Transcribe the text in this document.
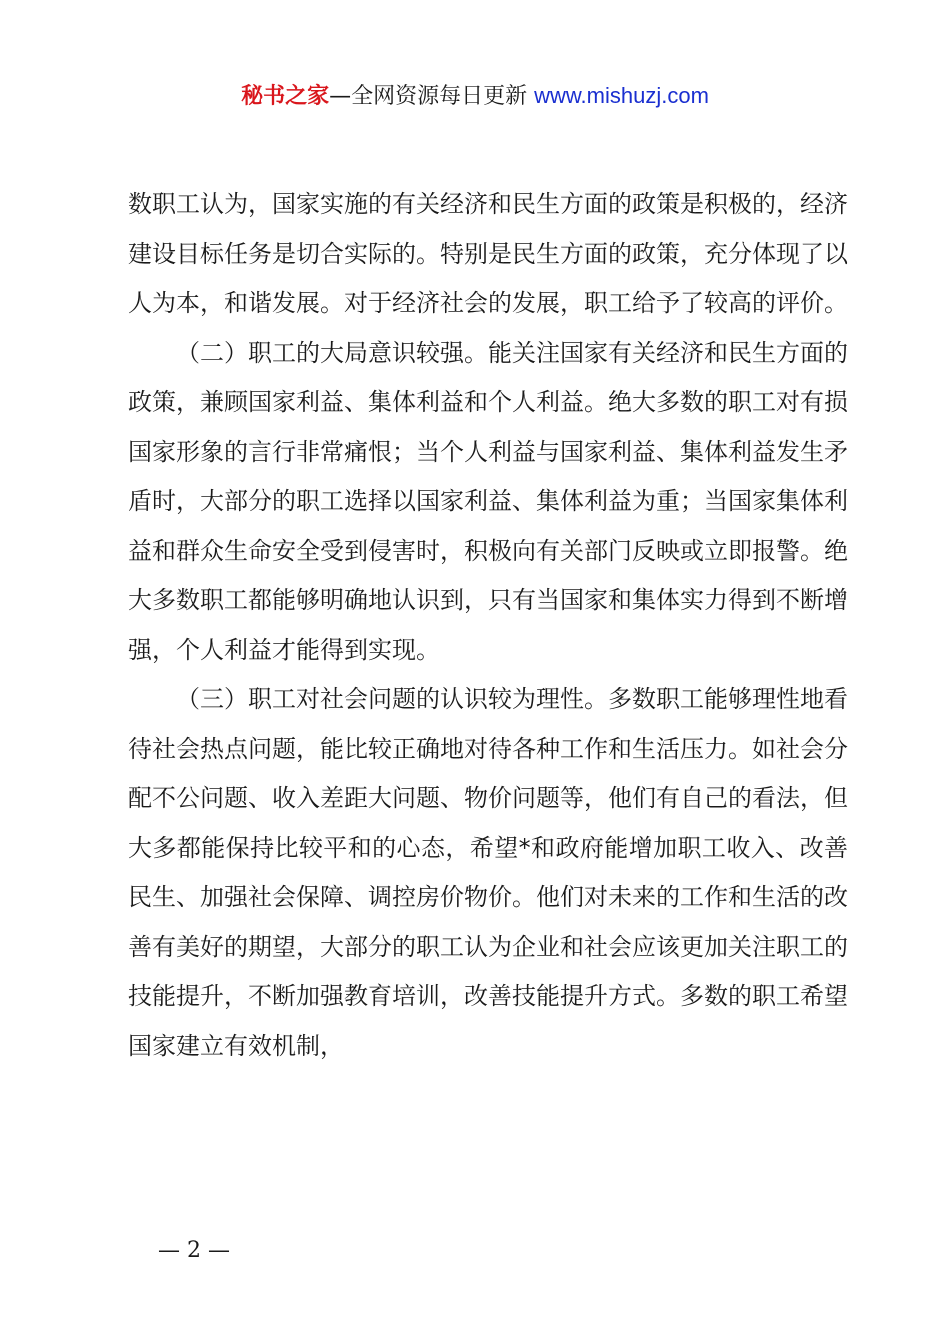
秘书之家—全网资源每日更新 www.mishuzj.com

数职工认为，国家实施的有关经济和民生方面的政策是积极的，经济建设目标任务是切合实际的。特别是民生方面的政策，充分体现了以人为本，和谐发展。对于经济社会的发展，职工给予了较高的评价。

（二）职工的大局意识较强。能关注国家有关经济和民生方面的政策，兼顾国家利益、集体利益和个人利益。绝大多数的职工对有损国家形象的言行非常痛恨；当个人利益与国家利益、集体利益发生矛盾时，大部分的职工选择以国家利益、集体利益为重；当国家集体利益和群众生命安全受到侵害时，积极向有关部门反映或立即报警。绝大多数职工都能够明确地认识到，只有当国家和集体实力得到不断增强，个人利益才能得到实现。

（三）职工对社会问题的认识较为理性。多数职工能够理性地看待社会热点问题，能比较正确地对待各种工作和生活压力。如社会分配不公问题、收入差距大问题、物价问题等，他们有自己的看法，但大多都能保持比较平和的心态，希望*和政府能增加职工收入、改善民生、加强社会保障、调控房价物价。他们对未来的工作和生活的改善有美好的期望，大部分的职工认为企业和社会应该更加关注职工的技能提升，不断加强教育培训，改善技能提升方式。多数的职工希望国家建立有效机制，

— 2 —
